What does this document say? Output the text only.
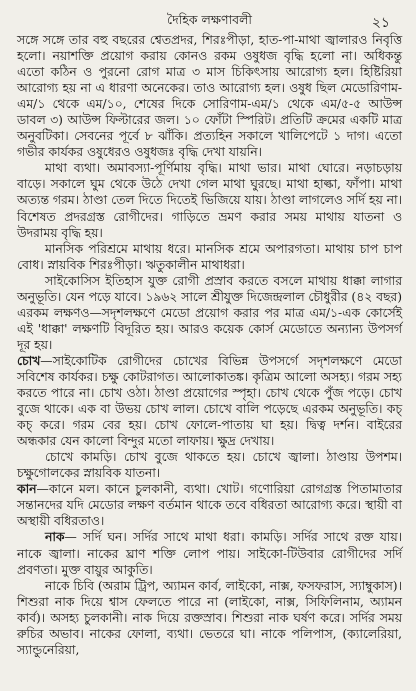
দৈহিক লক্ষণাবলী	২১

সঙ্গে সঙ্গে তার বহু বছরের শ্বেতপ্রদর, শিরঃপীড়া, হাত-পা-মাথা জ্বালারও নিবৃত্তি হলো। নয়াশক্তি প্রয়োগ করায় কোনও রকম ওষুধজ বৃদ্ধি হলো না। অধিকন্তু এতো কঠিন ও পুরনো রোগ মাত্র ৩ মাস চিকিৎসায় আরোগ্য হল। হিষ্টিরিয়া আরোগ্য হয় না এ ধারণা অনেকের। তাও আরোগ্য হল। ওষুধ ছিল মেডোরিণাম-এম/১ থেকে এম/১০, শেষের দিকে সোরিণাম-এম/১ থেকে এম/৫-৫ আউন্স ডাবল ৩) আউন্স ফিল্টারের জল। ১০ ফোঁটা স্পিরিট। প্রতিটি ক্রমের একটি মাত্র অনুবটিকা। সেবনের পূর্বে ৮ ঝাঁকি। প্রত্যহিন সকালে খালিপেটে ১ দাগ। এতো গভীর কার্যকর ওষুধেরও ওষুধজঃ বৃদ্ধি দেখা যায়নি।

মাথা ব্যথা। অমাবস্যা-পূর্ণিমায় বৃদ্ধি। মাথা ভার। মাথা ঘোরে। নড়াচড়ায় বাড়ে। সকালে ঘুম থেকে উঠে দেখা গেল মাথা ঘুরছে। মাথা হাল্কা, ফাঁপা। মাথা অত্যন্ত গরম। ঠাণ্ডা তেল দিতে দিতেই ভিজিয়ে যায়। ঠাণ্ডা লাগলেও সর্দি হয় না। বিশেষত প্রদরগ্রস্ত রোগীদের। গাড়িতে ভ্রমণ করার সময় মাথায় যাতনা ও উদরাময় বৃদ্ধি হয়।

মানসিক পরিশ্রমে মাথায় ধরে। মানসিক শ্রমে অপারগতা। মাথায় চাপ চাপ বোধ। স্নায়বিক শিরঃপীড়া। ঋতুকালীন মাথাধরা।

সাইকোসিস ইতিহাস যুক্ত রোগী প্রস্রাব করতে বসলে মাথায় ধাক্কা লাগার অনুভূতি। যেন পড়ে যাবে। ১৯৬২ সালে শ্রীযুক্ত দিজেন্দ্রলাল চৌধুরীর (৪২ বছর) এরকম লক্ষণও—সদৃশলক্ষণে মেডো প্রয়োগ করার পর মাত্র এম/১-এক কোর্সেই এই 'ধাক্কা' লক্ষণটি বিদূরিত হয়। আরও কয়েক কোর্স মেডোতে অন্যান্য উপসর্গ দূর হয়।

চোখ—সাইকোটিক রোগীদের চোখের বিভিন্ন উপসর্গে সদৃশলক্ষণে মেডো সবিশেষ কার্যকর। চক্ষু কোটরাগত। আলোকাতঙ্ক। কৃত্রিম আলো অসহ্য। গরম সহ্য করতে পারে না। চোখ ওঠা। ঠাণ্ডা প্রয়োগের স্পৃহা। চোখ থেকে পুঁজ পড়ে। চোখ বুজে থাকে। এক বা উভয় চোখ লাল। চোখে বালি পড়েছে এরকম অনুভূতি। কচ্ কচ্ করে। গরম বের হয়। চোখ ফোলে-পাতায় ঘা হয়। দ্বিত্ব দর্শন। বাইরের অন্ধকার যেন কালো বিন্দুর মতো লাফায়। ক্ষুদ্র দেখায়।

চোখে কামড়ি। চোখ বুজে থাকতে হয়। চোখে জ্বালা। ঠাণ্ডায় উপশম। চক্ষুগোলকের স্নায়বিক যাতনা।

কান—কানে মল। কানে চুলকানী, ব্যথা। খোট। গণোরিয়া রোগগ্রস্ত পিতামাতার সন্তানদের যদি মেডোর লক্ষণ বর্তমান থাকে তবে বধিরতা আরোগ্য করে। স্থায়ী বা অস্থায়ী বধিরতাও।

নাক— সর্দি ঘন। সর্দির সাথে মাথা ধরা। কামড়ি। সর্দির সাথে রক্ত যায়। নাকে জ্বালা। নাকের ঘ্রাণ শক্তি লোপ পায়। সাইকো-টিউবার রোগীদের সর্দি প্রবণতা। মুক্ত বায়ুর আকুতি।

নাকে চিবি (অরাম ট্রিপ, অ্যামন কার্ব, লাইকো, নাক্স, ফসফরাস, স্যাম্বুকাস)। শিশুরা নাক দিয়ে শ্বাস ফেলতে পারে না (লাইকো, নাক্স, সিফিলিনাম, অ্যামন কার্ব)। অসহ্য চুলকানী। নাক দিয়ে রক্তস্রাব। শিশুরা নাক ঘর্ষণ করে। সর্দির সময় রুচির অভাব। নাকের ফোলা, ব্যথা। ভেতরে ঘা। নাকে পলিপাস, (ক্যালেরিয়া, স্যান্ডুনেরিয়া,
